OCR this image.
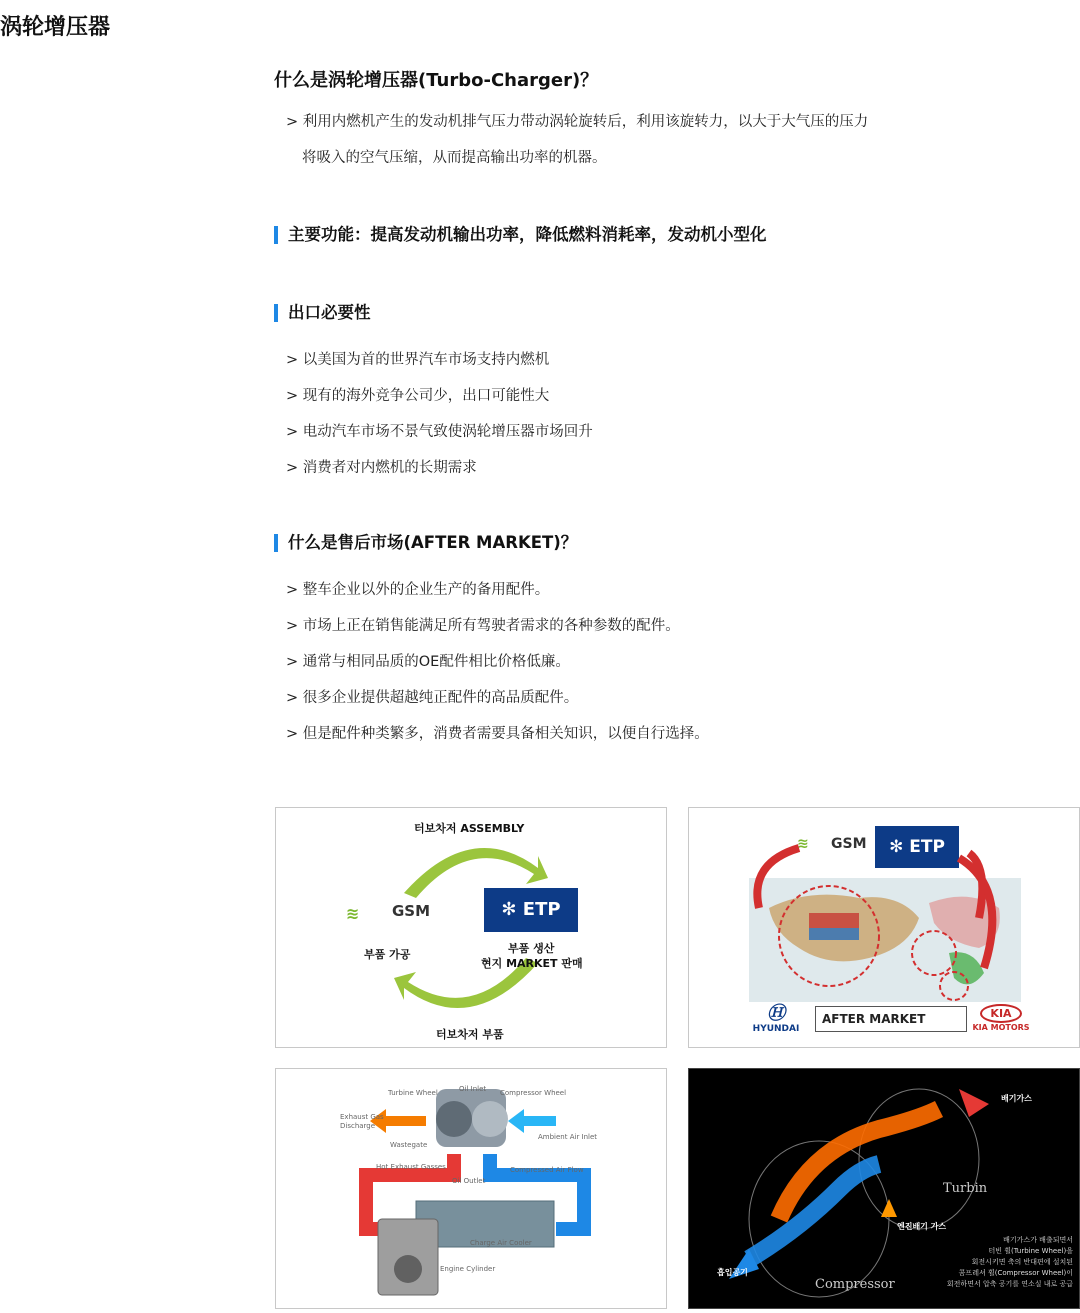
涡轮增压器
什么是涡轮增压器(Turbo-Charger)？
> 利用内燃机产生的发动机排气压力带动涡轮旋转后，利用该旋转力，以大于大气压的压力
将吸入的空气压缩，从而提高输出功率的机器。
主要功能：提高发动机输出功率，降低燃料消耗率，发动机小型化
出口必要性
> 以美国为首的世界汽车市场支持内燃机
> 现有的海外竞争公司少，出口可能性大
> 电动汽车市场不景气致使涡轮增压器市场回升
> 消费者对内燃机的长期需求
什么是售后市场(AFTER MARKET)？
> 整车企业以外的企业生产的备用配件。
> 市场上正在销售能满足所有驾驶者需求的各种参数的配件。
> 通常与相同品质的OE配件相比价格低廉。
> 很多企业提供超越纯正配件的高品质配件。
> 但是配件种类繁多，消费者需要具备相关知识，以便自行选择。
터보차저 ASSEMBLY
≋ GSM
부품 가공
✻ ETP
부품 생산
현지 MARKET 판매
터보차저 부품
≋ GSM	✻ ETP
Ⓗ
HYUNDAI
AFTER MARKET	KIA
KIA MOTORS
Turbine Wheel	Oil Inlet Compressor Wheel
Exhaust Gas
Discharge
Wastegate
Ambient Air Inlet
Hot Exhaust Gasses
Oil Outlet
Compressed Air Flow
Charge Air Cooler
Engine Cylinder
배기가스
엔진배기 가스
Turbin
Compressor
흡입공기
배기가스가 배출되면서
터빈 휠(Turbine Wheel)을
회전시키면 축의 반대편에 설치된
콤프레셔 휠(Compressor Wheel)이
회전하면서 압축 공기를 연소실 내로 공급
